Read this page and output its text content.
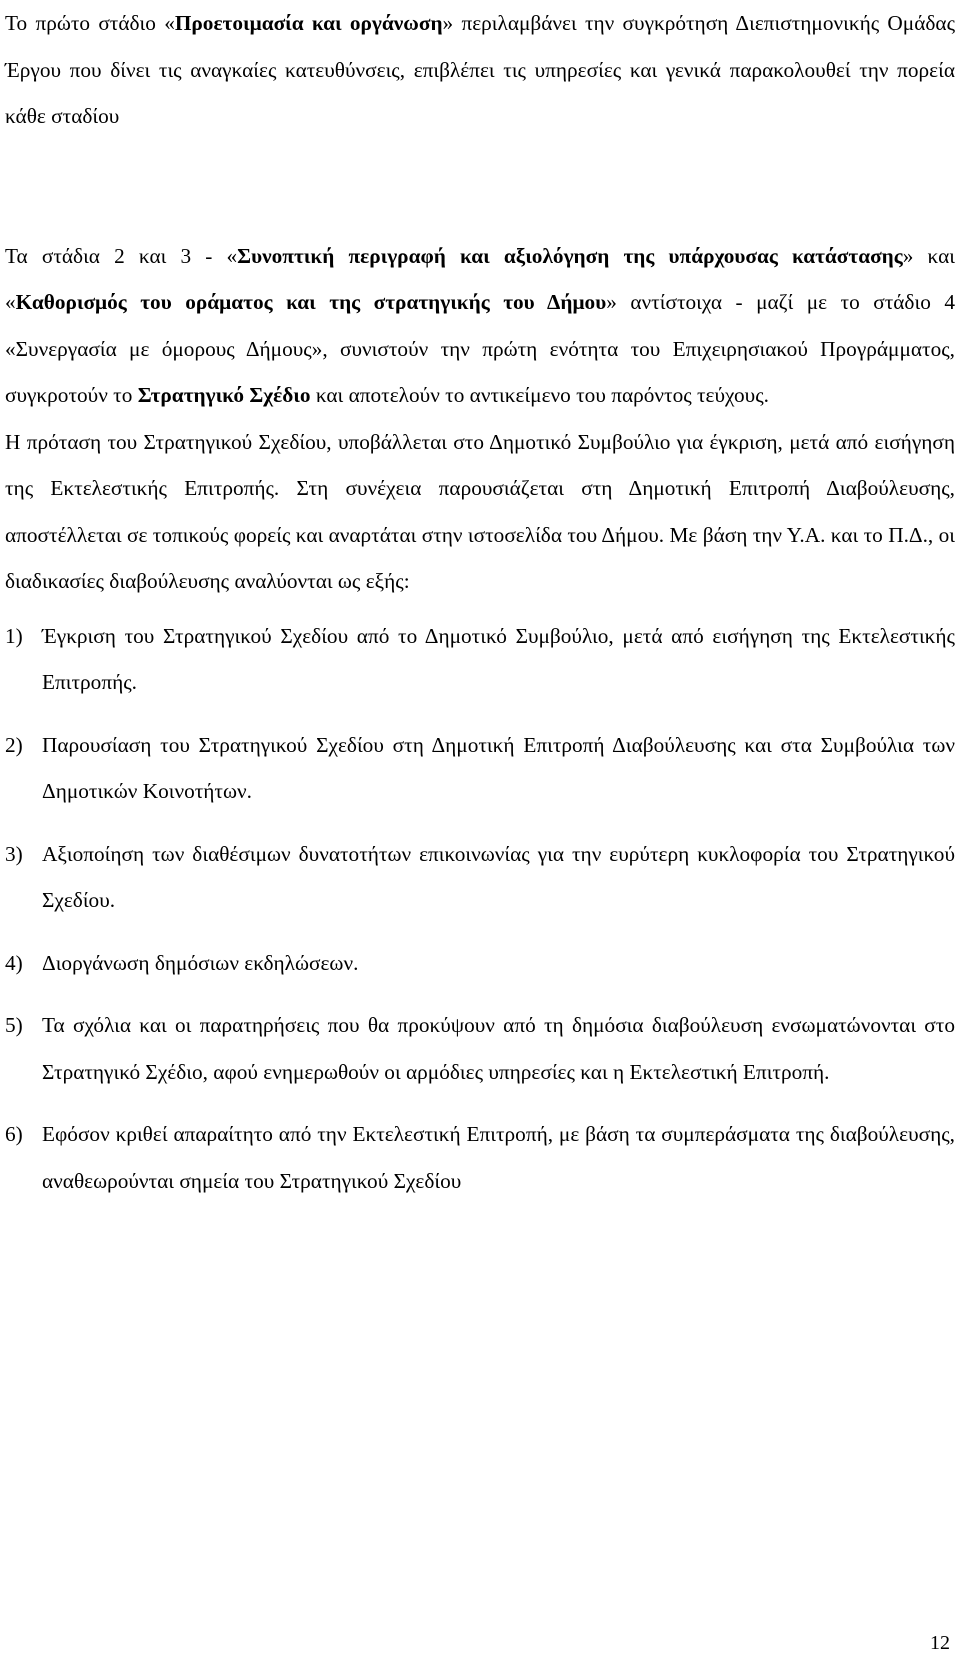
Το πρώτο στάδιο «Προετοιμασία και οργάνωση» περιλαμβάνει την συγκρότηση Διεπιστημονικής Ομάδας Έργου που δίνει τις αναγκαίες κατευθύνσεις, επιβλέπει τις υπηρεσίες και γενικά παρακολουθεί την πορεία κάθε σταδίου

Τα στάδια 2 και 3 - «Συνοπτική περιγραφή και αξιολόγηση της υπάρχουσας κατάστασης» και «Καθορισμός του οράματος και της στρατηγικής του Δήμου» αντίστοιχα - μαζί με το στάδιο 4 «Συνεργασία με όμορους Δήμους», συνιστούν την πρώτη ενότητα του Επιχειρησιακού Προγράμματος, συγκροτούν το Στρατηγικό Σχέδιο και αποτελούν το αντικείμενο του παρόντος τεύχους.

Η πρόταση του Στρατηγικού Σχεδίου, υποβάλλεται στο Δημοτικό Συμβούλιο για έγκριση, μετά από εισήγηση της Εκτελεστικής Επιτροπής. Στη συνέχεια παρουσιάζεται στη Δημοτική Επιτροπή Διαβούλευσης, αποστέλλεται σε τοπικούς φορείς και αναρτάται στην ιστοσελίδα του Δήμου. Με βάση την Υ.Α. και το Π.Δ., οι διαδικασίες διαβούλευσης αναλύονται ως εξής:

1) Έγκριση του Στρατηγικού Σχεδίου από το Δημοτικό Συμβούλιο, μετά από εισήγηση της Εκτελεστικής Επιτροπής.
2) Παρουσίαση του Στρατηγικού Σχεδίου στη Δημοτική Επιτροπή Διαβούλευσης και στα Συμβούλια των Δημοτικών Κοινοτήτων.
3) Αξιοποίηση των διαθέσιμων δυνατοτήτων επικοινωνίας για την ευρύτερη κυκλοφορία του Στρατηγικού Σχεδίου.
4) Διοργάνωση δημόσιων εκδηλώσεων.
5) Τα σχόλια και οι παρατηρήσεις που θα προκύψουν από τη δημόσια διαβούλευση ενσωματώνονται στο Στρατηγικό Σχέδιο, αφού ενημερωθούν οι αρμόδιες υπηρεσίες και η Εκτελεστική Επιτροπή.
6) Εφόσον κριθεί απαραίτητο από την Εκτελεστική Επιτροπή, με βάση τα συμπεράσματα της διαβούλευσης, αναθεωρούνται σημεία του Στρατηγικού Σχεδίου
12
